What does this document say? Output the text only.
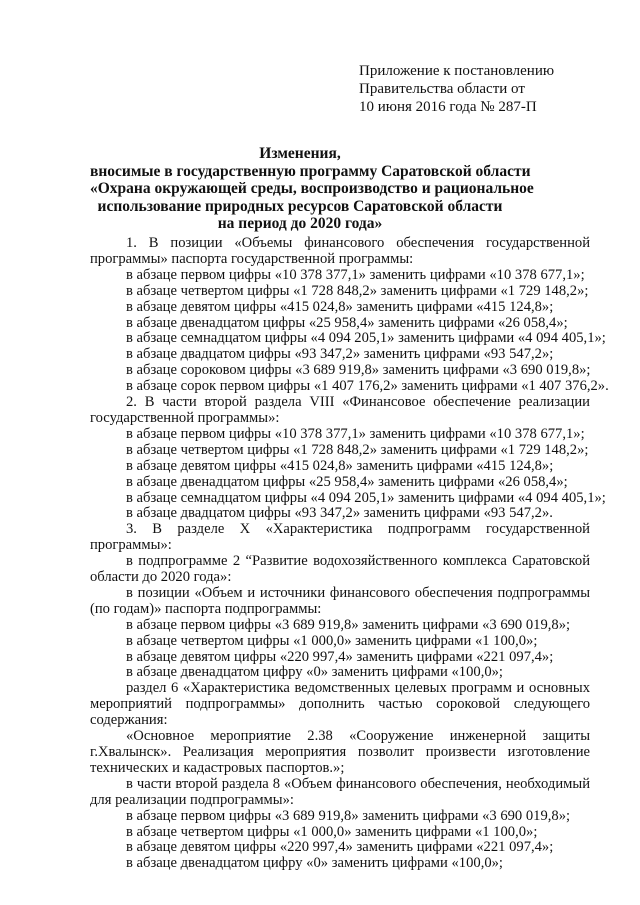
Приложение к постановлению
Правительства области от
10 июня 2016 года № 287-П
Изменения,
вносимые в государственную программу Саратовской области
«Охрана окружающей среды, воспроизводство и рациональное
использование природных ресурсов Саратовской области
на период до 2020 года»
1. В позиции «Объемы финансового обеспечения государственной программы» паспорта государственной программы:
в абзаце первом цифры «10 378 377,1» заменить цифрами «10 378 677,1»;
в абзаце четвертом цифры «1 728 848,2» заменить цифрами «1 729 148,2»;
в абзаце девятом цифры «415 024,8» заменить цифрами «415 124,8»;
в абзаце двенадцатом цифры «25 958,4» заменить цифрами «26 058,4»;
в абзаце семнадцатом цифры «4 094 205,1» заменить цифрами «4 094 405,1»;
в абзаце двадцатом цифры «93 347,2» заменить цифрами «93 547,2»;
в абзаце сороковом цифры «3 689 919,8» заменить цифрами «3 690 019,8»;
в абзаце сорок первом цифры «1 407 176,2» заменить цифрами «1 407 376,2».
2. В части второй раздела VIII «Финансовое обеспечение реализации государственной программы»:
в абзаце первом цифры «10 378 377,1» заменить цифрами «10 378 677,1»;
в абзаце четвертом цифры «1 728 848,2» заменить цифрами «1 729 148,2»;
в абзаце девятом цифры «415 024,8» заменить цифрами «415 124,8»;
в абзаце двенадцатом цифры «25 958,4» заменить цифрами «26 058,4»;
в абзаце семнадцатом цифры «4 094 205,1» заменить цифрами «4 094 405,1»;
в абзаце двадцатом цифры «93 347,2» заменить цифрами «93 547,2».
3. В разделе X «Характеристика подпрограмм государственной программы»:
в подпрограмме 2 “Развитие водохозяйственного комплекса Саратовской области до 2020 года»:
в позиции «Объем и источники финансового обеспечения подпрограммы (по годам)» паспорта подпрограммы:
в абзаце первом цифры «3 689 919,8» заменить цифрами «3 690 019,8»;
в абзаце четвертом цифры «1 000,0» заменить цифрами «1 100,0»;
в абзаце девятом цифры «220 997,4» заменить цифрами «221 097,4»;
в абзаце двенадцатом цифру «0» заменить цифрами «100,0»;
раздел 6 «Характеристика ведомственных целевых программ и основных мероприятий подпрограммы» дополнить частью сороковой следующего содержания:
«Основное мероприятие 2.38 «Сооружение инженерной защиты г.Хвалынск». Реализация мероприятия позволит произвести изготовление технических и кадастровых паспортов.»;
в части второй раздела 8 «Объем финансового обеспечения, необходимый для реализации подпрограммы»:
в абзаце первом цифры «3 689 919,8» заменить цифрами «3 690 019,8»;
в абзаце четвертом цифры «1 000,0» заменить цифрами «1 100,0»;
в абзаце девятом цифры «220 997,4» заменить цифрами «221 097,4»;
в абзаце двенадцатом цифру «0» заменить цифрами «100,0»;
